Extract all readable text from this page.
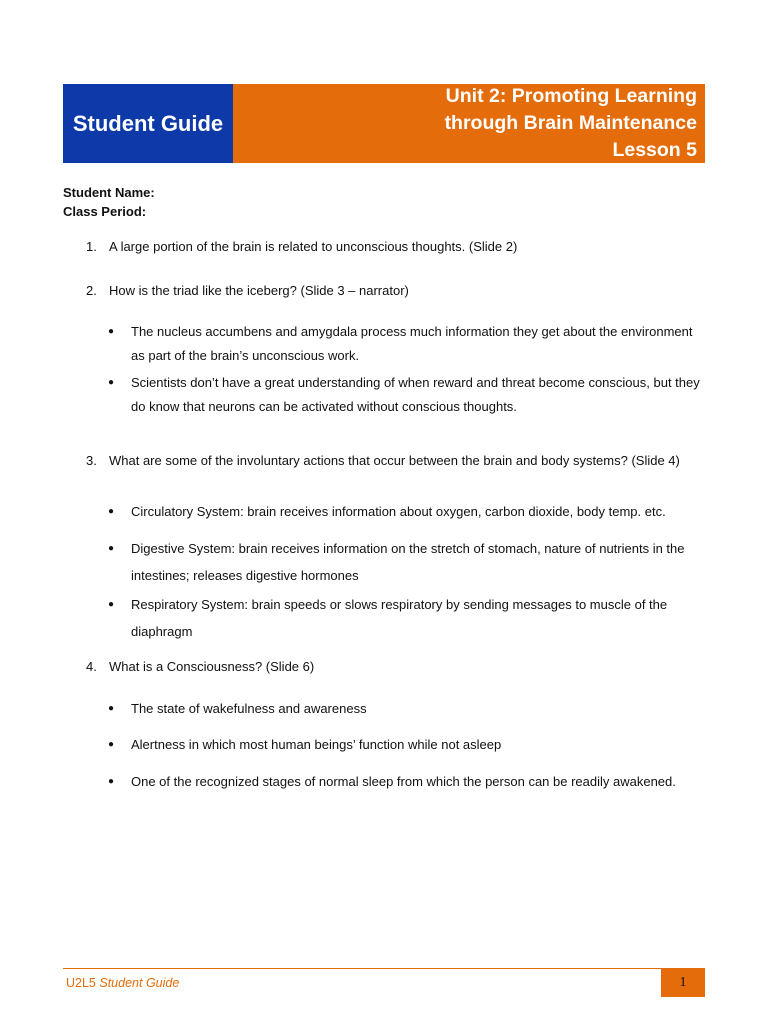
Student Guide
Unit 2: Promoting Learning
through Brain Maintenance
Lesson 5
Student Name:
Class Period:
1. A large portion of the brain is related to unconscious thoughts. (Slide 2)
2. How is the triad like the iceberg? (Slide 3 – narrator)
●	The nucleus accumbens and amygdala process much information they get about the environment as part of the brain’s unconscious work.
●	Scientists don’t have a great understanding of when reward and threat become conscious, but they do know that neurons can be activated without conscious thoughts.
3. What are some of the involuntary actions that occur between the brain and body systems? (Slide 4)
●	Circulatory System: brain receives information about oxygen, carbon dioxide, body temp. etc.
●	Digestive System: brain receives information on the stretch of stomach, nature of nutrients in the intestines; releases digestive hormones
●	Respiratory System: brain speeds or slows respiratory by sending messages to muscle of the diaphragm
4. What is a Consciousness? (Slide 6)
●	The state of wakefulness and awareness
●	Alertness in which most human beings’ function while not asleep
●	One of the recognized stages of normal sleep from which the person can be readily awakened.
U2L5 Student Guide	1
